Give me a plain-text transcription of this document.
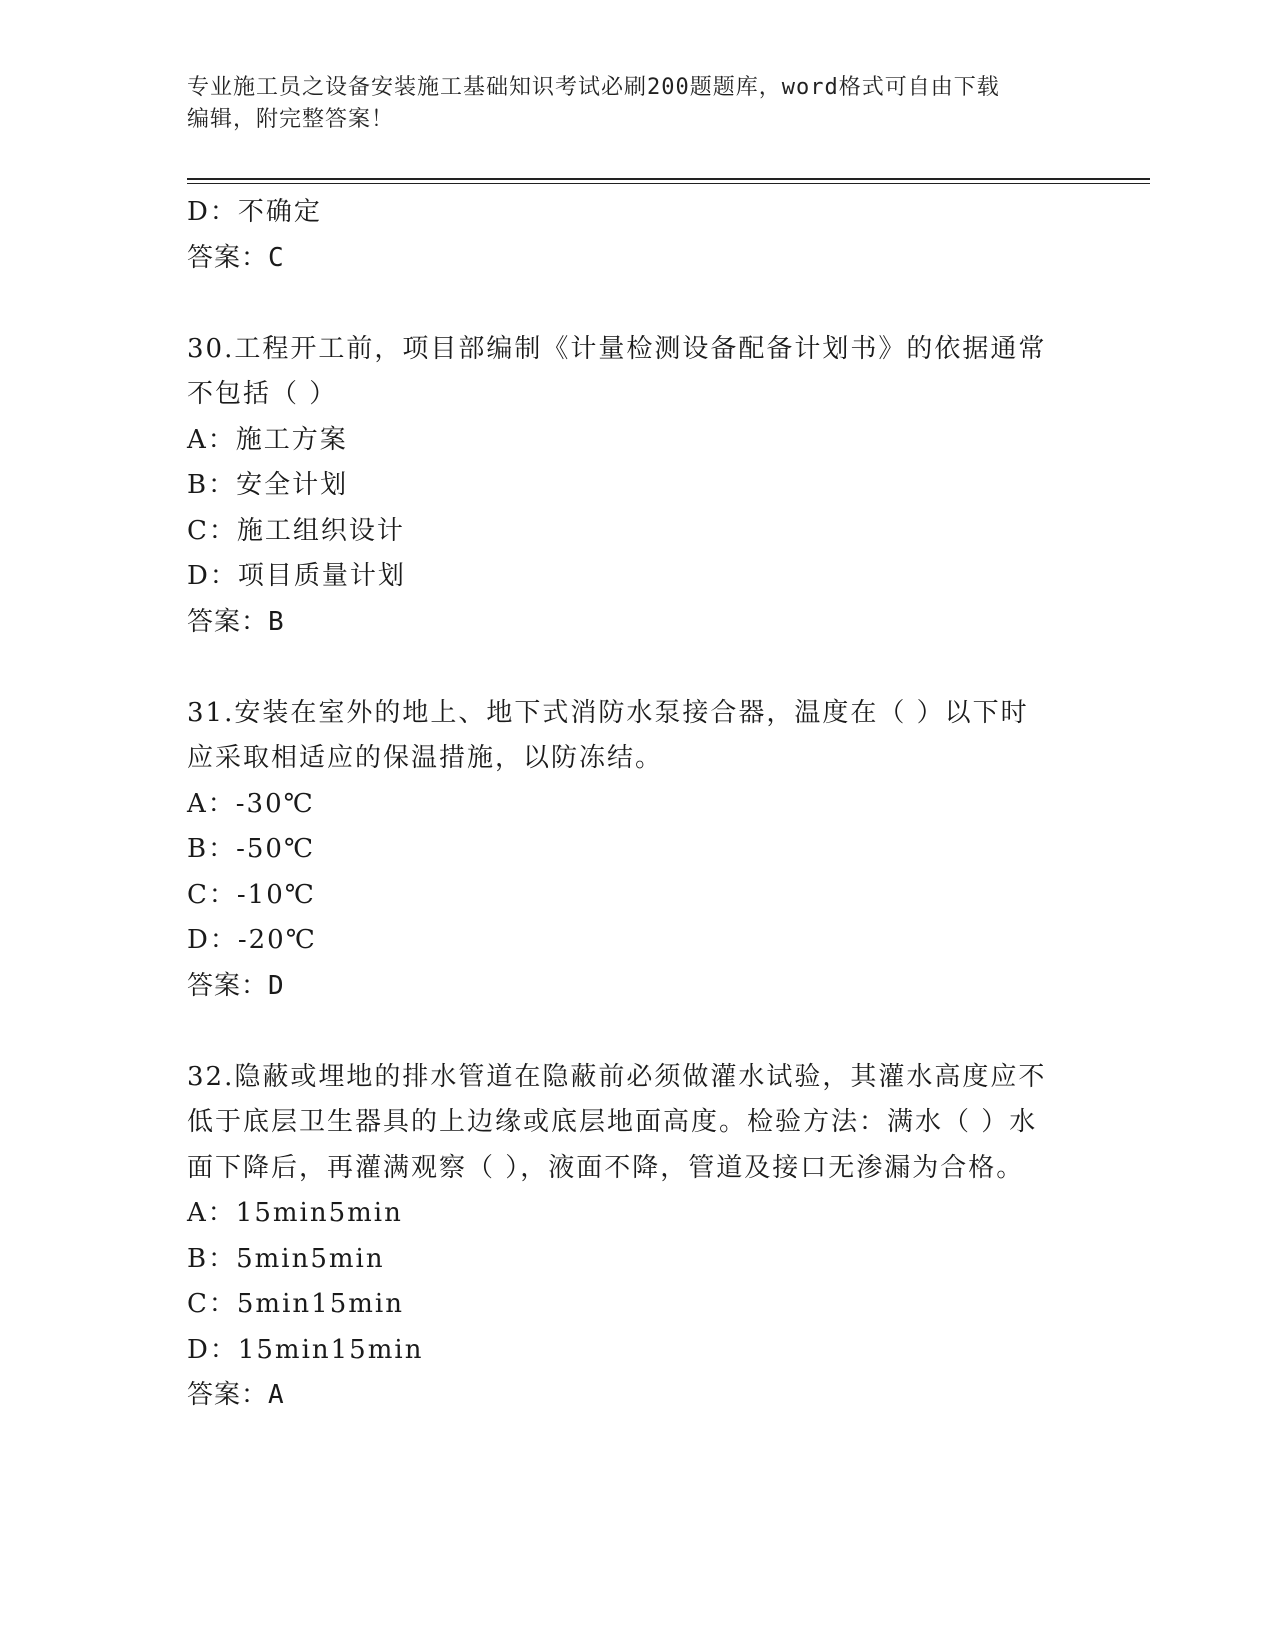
专业施工员之设备安装施工基础知识考试必刷200题题库，word格式可自由下载
编辑，附完整答案！
D：不确定
答案：C
30.工程开工前，项目部编制《计量检测设备配备计划书》的依据通常
不包括（ ）
A：施工方案
B：安全计划
C：施工组织设计
D：项目质量计划
答案：B
31.安装在室外的地上、地下式消防水泵接合器，温度在（ ）以下时
应采取相适应的保温措施，以防冻结。
A：-30℃
B：-50℃
C：-10℃
D：-20℃
答案：D
32.隐蔽或埋地的排水管道在隐蔽前必须做灌水试验，其灌水高度应不
低于底层卫生器具的上边缘或底层地面高度。检验方法：满水（ ）水
面下降后，再灌满观察（ ），液面不降，管道及接口无渗漏为合格。
A：15min5min
B：5min5min
C：5min15min
D：15min15min
答案：A
